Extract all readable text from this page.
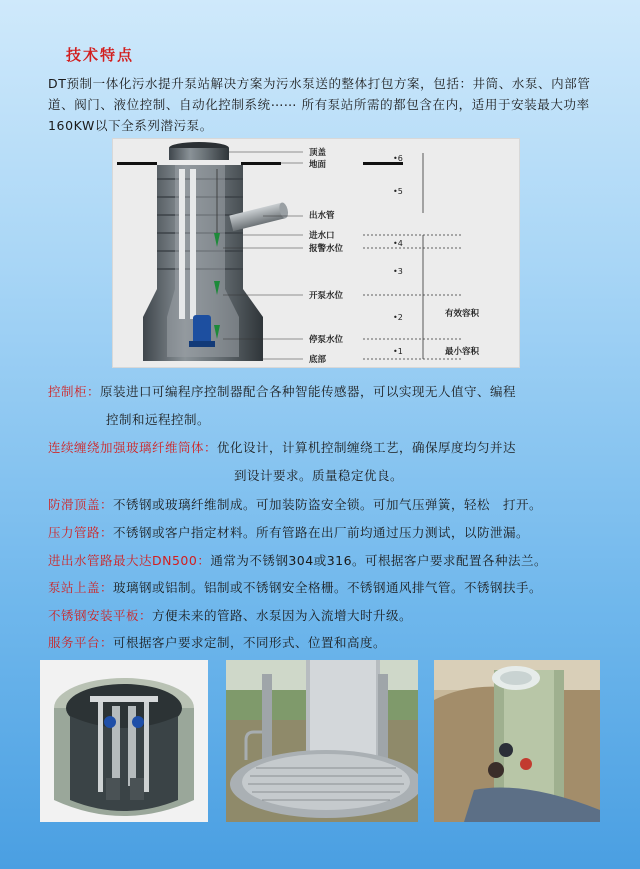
技术特点
DT预制一体化污水提升泵站解决方案为污水泵送的整体打包方案，包括：井筒、水泵、内部管道、阀门、液位控制、自动化控制系统⋯⋯ 所有泵站所需的都包含在内，适用于安装最大功率160KW以下全系列潜污泵。
顶盖
地面
出水管
进水口
报警水位
开泵水位
停泵水位
底部
有效容积
最小容积
•6
•5
•4
•3
•2
•1
控制柜：原装进口可编程序控制器配合各种智能传感器，可以实现无人值守、编程
控制和远程控制。
连续缠绕加强玻璃纤维筒体：优化设计，计算机控制缠绕工艺，确保厚度均匀并达
到设计要求。质量稳定优良。
防滑顶盖：不锈钢或玻璃纤维制成。可加装防盗安全锁。可加气压弹簧，轻松　打开。
压力管路：不锈钢或客户指定材料。所有管路在出厂前均通过压力测试，以防泄漏。
进出水管路最大达DN500：通常为不锈钢304或316。可根据客户要求配置各种法兰。
泵站上盖：玻璃钢或铝制。铝制或不锈钢安全格栅。不锈钢通风排气管。不锈钢扶手。
不锈钢安装平板：方便未来的管路、水泵因为入流增大时升级。
服务平台：可根据客户要求定制，不同形式、位置和高度。
